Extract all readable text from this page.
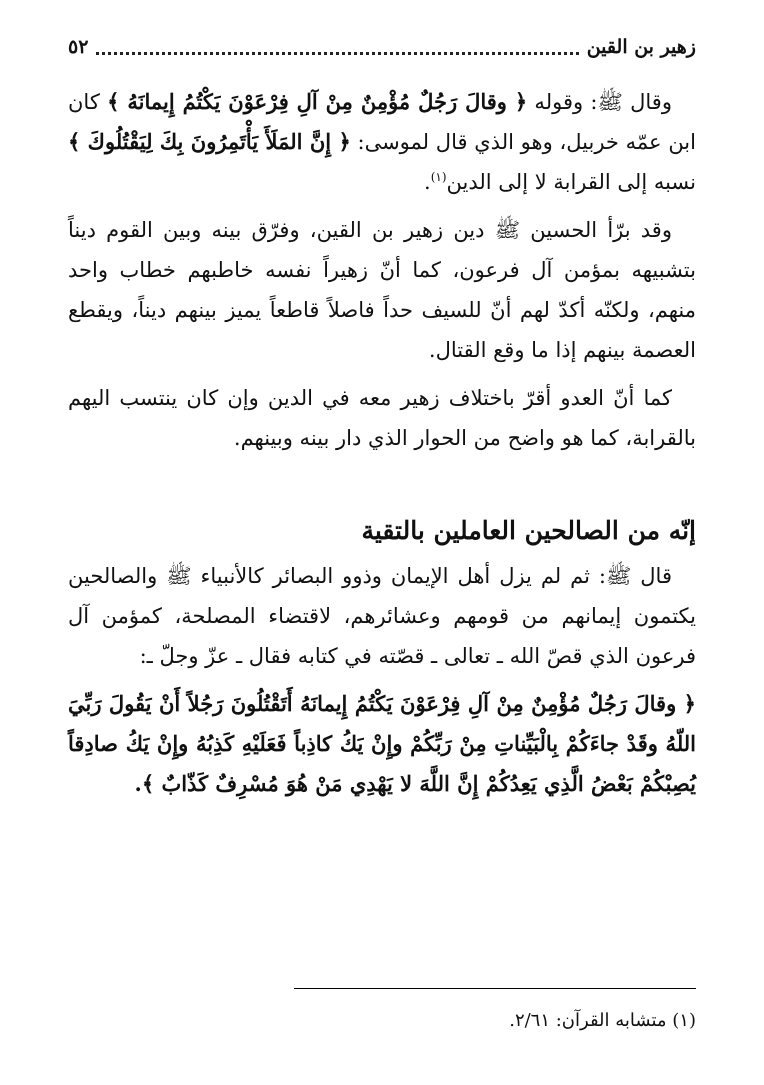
زهير بن القين
٥٢

وقال ﷺ: وقوله ﴿ وقالَ رَجُلٌ مُؤْمِنٌ مِنْ آلِ فِرْعَوْنَ يَكْتُمُ إِيمانَهُ ﴾ كان ابن عمّه خربيل، وهو الذي قال لموسى: ﴿ إِنَّ المَلَأَ يَأْتَمِرُونَ بِكَ لِيَقْتُلُوكَ ﴾ نسبه إلى القرابة لا إلى الدين$^{(١)}$.

وقد برّأ الحسين ﷺ دين زهير بن القين، وفرّق بينه وبين القوم ديناً بتشبيهه بمؤمن آل فرعون، كما أنّ زهيراً نفسه خاطبهم خطاب واحد منهم، ولكنّه أكدّ لهم أنّ للسيف حداً فاصلاً قاطعاً يميز بينهم ديناً، ويقطع العصمة بينهم إذا ما وقع القتال.

كما أنّ العدو أقرّ باختلاف زهير معه في الدين وإن كان ينتسب اليهم بالقرابة، كما هو واضح من الحوار الذي دار بينه وبينهم.

إنّه من الصالحين العاملين بالتقية

قال ﷺ: ثم لم يزل أهل الإيمان وذوو البصائر كالأنبياء ﷺ والصالحين يكتمون إيمانهم من قومهم وعشائرهم، لاقتضاء المصلحة، كمؤمن آل فرعون الذي قصّ الله ـ تعالى ـ قصّته في كتابه فقال ـ عزّ وجلّ ـ:

﴿ وقالَ رَجُلٌ مُؤْمِنٌ مِنْ آلِ فِرْعَوْنَ يَكْتُمُ إِيمانَهُ أَتَقْتُلُونَ رَجُلاً أَنْ يَقُولَ رَبِّيَ اللّهُ وقَدْ جاءَكُمْ بِالْبَيِّناتِ مِنْ رَبِّكُمْ وإِنْ يَكُ كاذِباً فَعَلَيْهِ كَذِبُهُ وإِنْ يَكُ صادِقاً يُصِبْكُمْ بَعْضُ الَّذِي يَعِدُكُمْ إِنَّ اللَّهَ لا يَهْدِي مَنْ هُوَ مُسْرِفٌ كَذّابٌ ﴾.

(١) متشابه القرآن: ٢/٦١.
